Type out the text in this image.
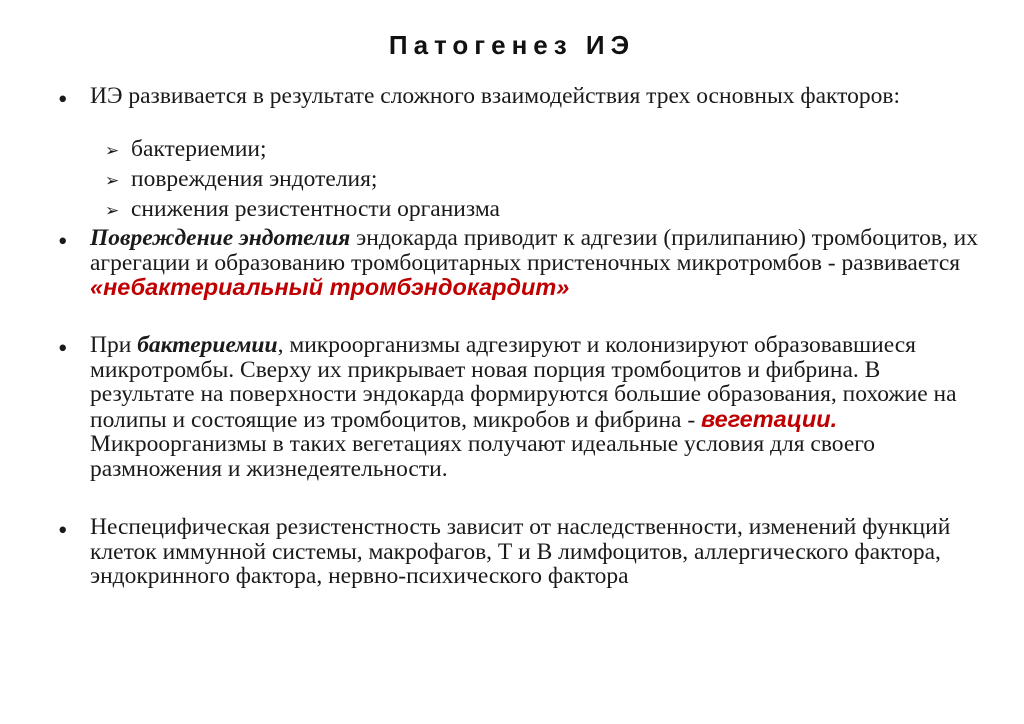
Патогенез ИЭ
• ИЭ развивается в результате сложного взаимодействия трех основных факторов:
➢ бактериемии;
➢ повреждения эндотелия;
➢ снижения резистентности организма
• Повреждение эндотелия эндокарда приводит к адгезии (прилипанию) тромбоцитов, их агрегации и образованию тромбоцитарных пристеночных микротромбов - развивается «небактериальный тромбэндокардит»
• При бактериемии, микроорганизмы адгезируют и колонизируют образовавшиеся микротромбы. Сверху их прикрывает новая порция тромбоцитов и фибрина. В результате на поверхности эндокарда формируются большие образования, похожие на полипы и состоящие из тромбоцитов, микробов и фибрина - вегетации.
Микроорганизмы в таких вегетациях получают идеальные условия для своего размножения и жизнедеятельности.
• Неспецифическая резистенстность зависит от наследственности, изменений функций клеток иммунной системы, макрофагов, Т и В лимфоцитов, аллергического фактора, эндокринного фактора, нервно-психического фактора
